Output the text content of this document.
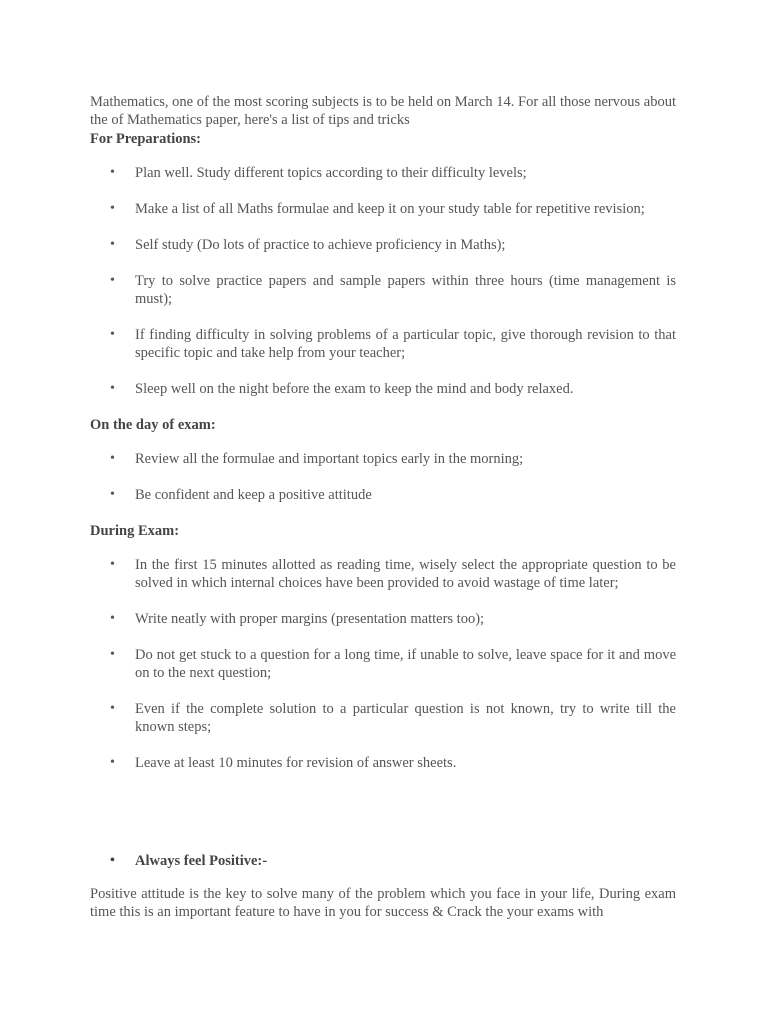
Mathematics, one of the most scoring subjects is to be held on March 14. For all those nervous about the of Mathematics paper, here's a list of tips and tricks

For Preparations:

• Plan well. Study different topics according to their difficulty levels;
• Make a list of all Maths formulae and keep it on your study table for repetitive revision;
• Self study (Do lots of practice to achieve proficiency in Maths);
• Try to solve practice papers and sample papers within three hours (time management is must);
• If finding difficulty in solving problems of a particular topic, give thorough revision to that specific topic and take help from your teacher;
• Sleep well on the night before the exam to keep the mind and body relaxed.

On the day of exam:

• Review all the formulae and important topics early in the morning;
• Be confident and keep a positive attitude

During Exam:

• In the first 15 minutes allotted as reading time, wisely select the appropriate question to be solved in which internal choices have been provided to avoid wastage of time later;
• Write neatly with proper margins (presentation matters too);
• Do not get stuck to a question for a long time, if unable to solve, leave space for it and move on to the next question;
• Even if the complete solution to a particular question is not known, try to write till the known steps;
• Leave at least 10 minutes for revision of answer sheets.
• Always feel Positive:-

Positive attitude is the key to solve many of the problem which you face in your life, During exam time this is an important feature to have in you for success & Crack the your exams with
